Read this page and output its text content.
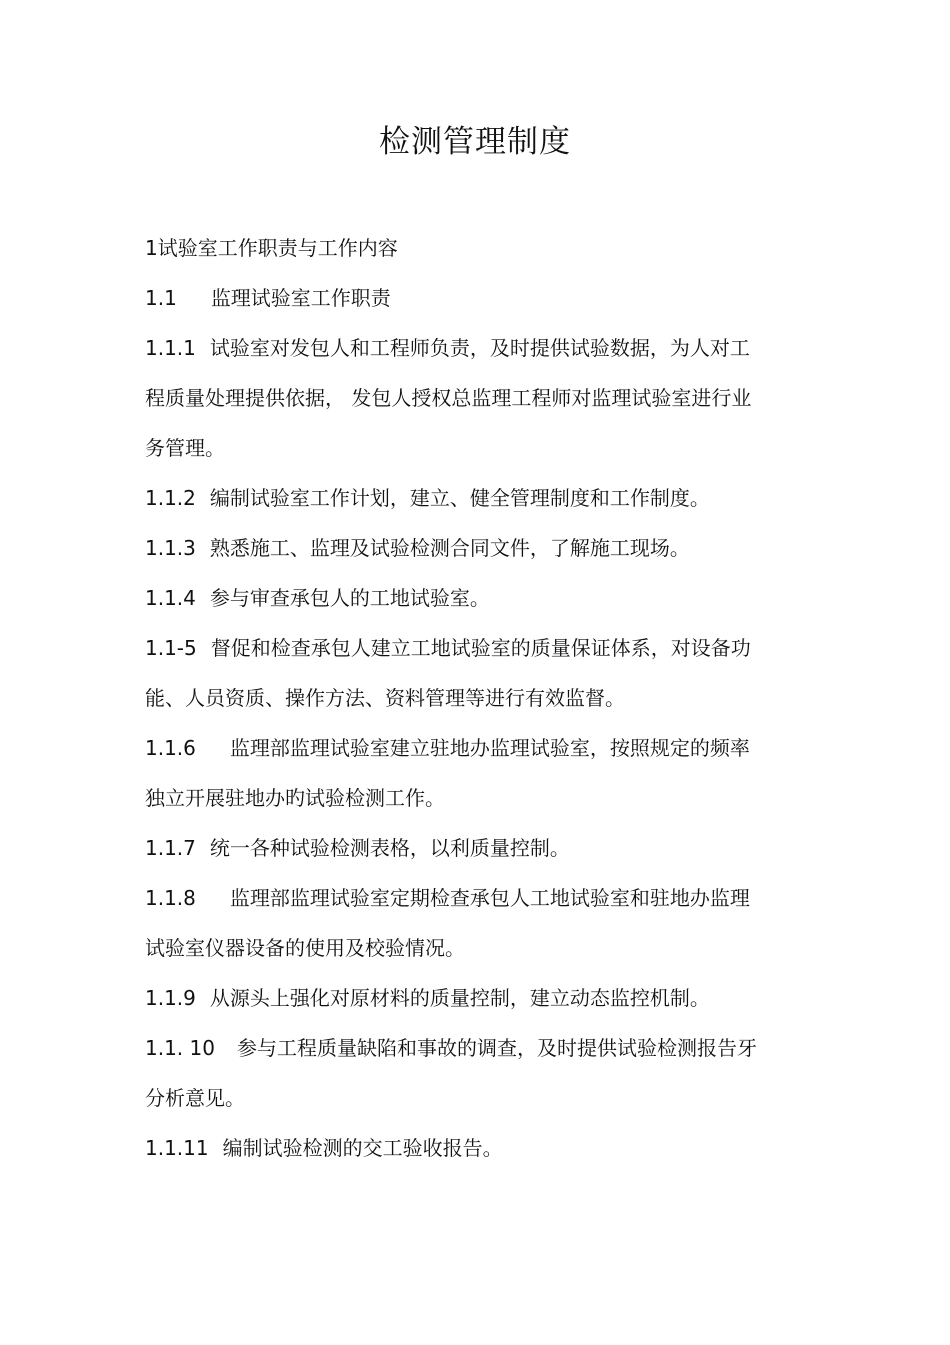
检测管理制度

1试验室工作职责与工作内容

1.1 监理试验室工作职责

1.1.1 试验室对发包人和工程师负责，及时提供试验数据，为人对工

程质量处理提供依据， 发包人授权总监理工程师对监理试验室进行业

务管理。

1.1.2 编制试验室工作计划，建立、健全管理制度和工作制度。

1.1.3 熟悉施工、监理及试验检测合同文件，了解施工现场。

1.1.4 参与审查承包人的工地试验室。

1.1-5 督促和检查承包人建立工地试验室的质量保证体系，对设备功

能、人员资质、操作方法、资料管理等进行有效监督。

1.1.6 监理部监理试验室建立驻地办监理试验室，按照规定的频率

独立开展驻地办旳试验检测工作。

1.1.7 统一各种试验检测表格，以利质量控制。

1.1.8 监理部监理试验室定期检查承包人工地试验室和驻地办监理

试验室仪器设备的使用及校验情况。

1.1.9 从源头上强化对原材料的质量控制，建立动态监控机制。

1.1. 10 参与工程质量缺陷和事故的调查，及时提供试验检测报告牙

分析意见。

1.1.11 编制试验检测的交工验收报告。
